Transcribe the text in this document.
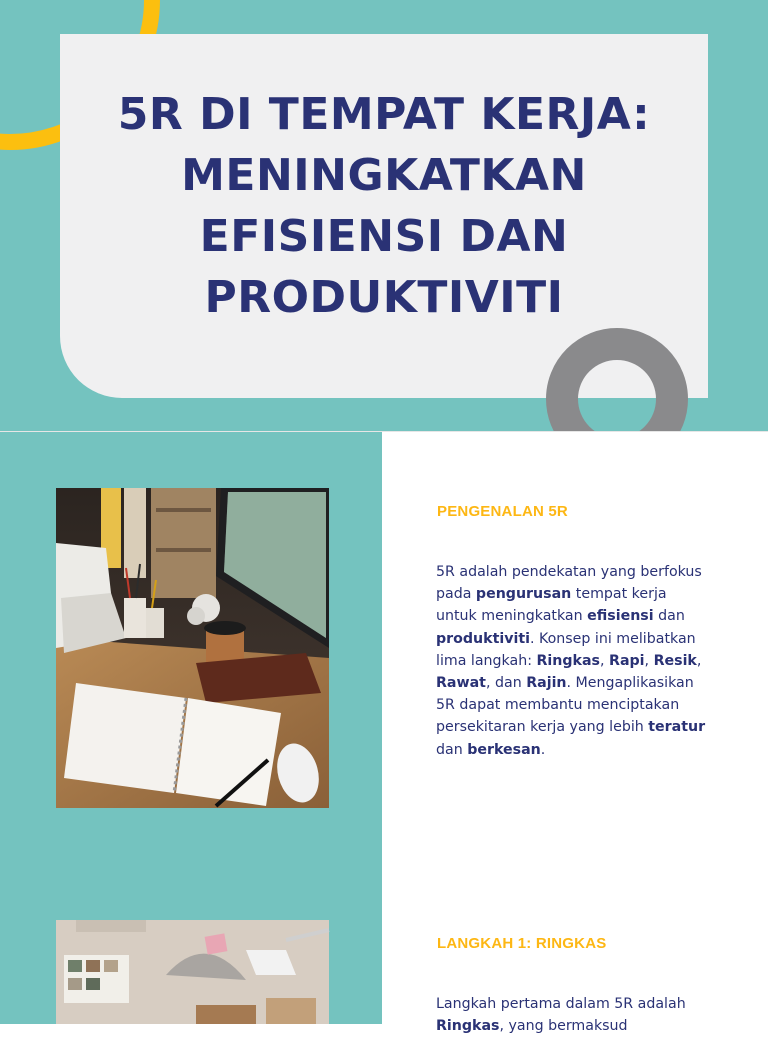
5R DI TEMPAT KERJA:
MENINGKATKAN
EFISIENSI DAN
PRODUKTIVITI
PENGENALAN 5R

5R adalah pendekatan yang berfokus pada pengurusan tempat kerja untuk meningkatkan efisiensi dan produktiviti. Konsep ini melibatkan lima langkah: Ringkas, Rapi, Resik, Rawat, dan Rajin. Mengaplikasikan 5R dapat membantu menciptakan persekitaran kerja yang lebih teratur dan berkesan.

LANGKAH 1: RINGKAS

Langkah pertama dalam 5R adalah Ringkas, yang bermaksud
